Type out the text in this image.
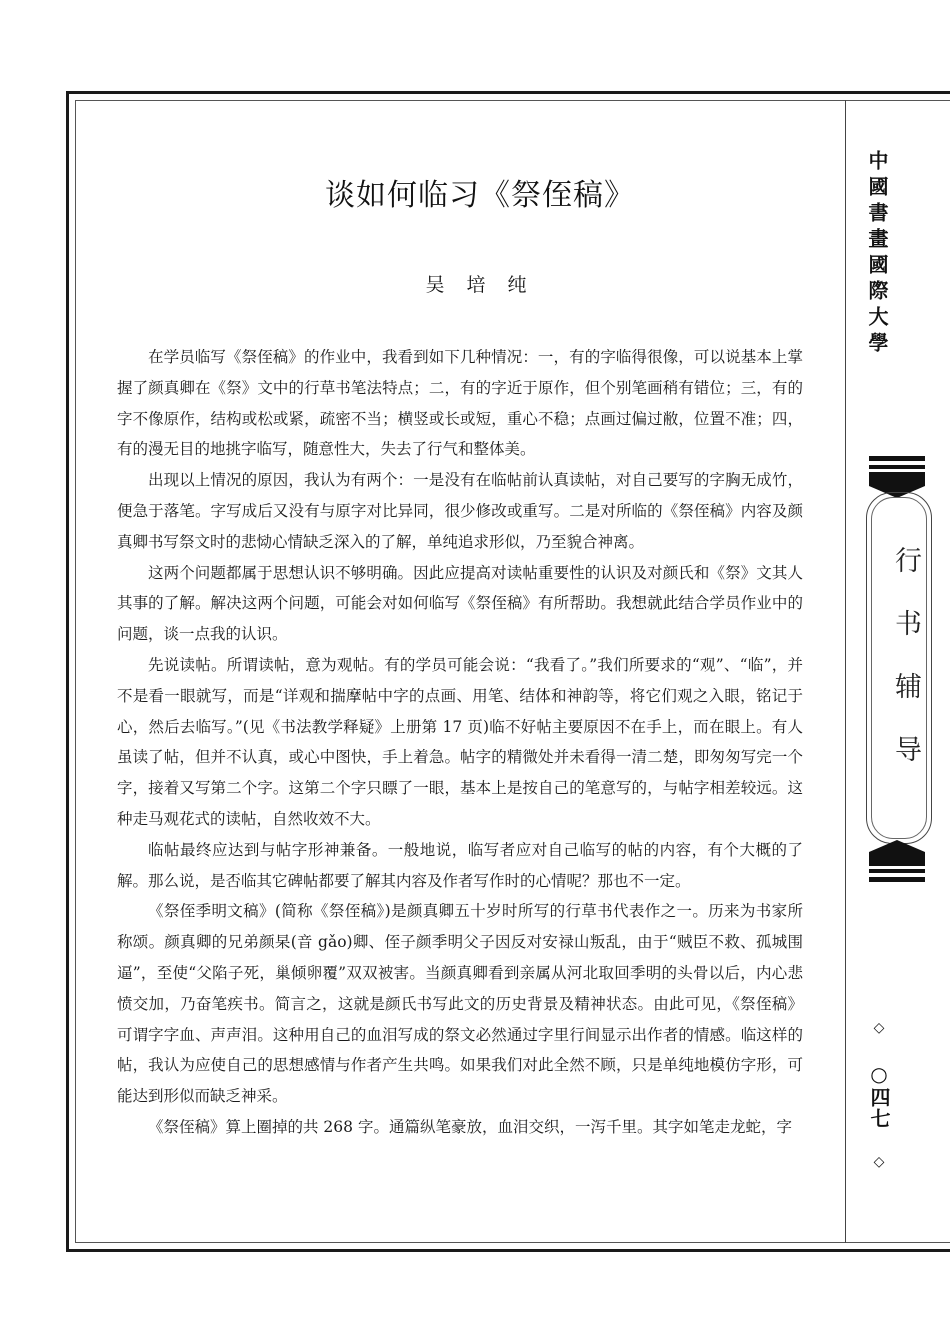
谈如何临习《祭侄稿》
吴 培 纯

在学员临写《祭侄稿》的作业中，我看到如下几种情况：一，有的字临得很像，可以说基本上掌握了颜真卿在《祭》文中的行草书笔法特点；二，有的字近于原作，但个别笔画稍有错位；三，有的字不像原作，结构或松或紧，疏密不当；横竖或长或短，重心不稳；点画过偏过敝，位置不准；四，有的漫无目的地挑字临写，随意性大，失去了行气和整体美。

出现以上情况的原因，我认为有两个：一是没有在临帖前认真读帖，对自己要写的字胸无成竹，便急于落笔。字写成后又没有与原字对比异同，很少修改或重写。二是对所临的《祭侄稿》内容及颜真卿书写祭文时的悲恸心情缺乏深入的了解，单纯追求形似，乃至貌合神离。

这两个问题都属于思想认识不够明确。因此应提高对读帖重要性的认识及对颜氏和《祭》文其人其事的了解。解决这两个问题，可能会对如何临写《祭侄稿》有所帮助。我想就此结合学员作业中的问题，谈一点我的认识。

先说读帖。所谓读帖，意为观帖。有的学员可能会说：“我看了。”我们所要求的“观”、“临”，并不是看一眼就写，而是“详观和揣摩帖中字的点画、用笔、结体和神韵等，将它们观之入眼，铭记于心，然后去临写。”(见《书法教学释疑》上册第 17 页)临不好帖主要原因不在手上，而在眼上。有人虽读了帖，但并不认真，或心中图快，手上着急。帖字的精微处并未看得一清二楚，即匆匆写完一个字，接着又写第二个字。这第二个字只瞟了一眼，基本上是按自己的笔意写的，与帖字相差较远。这种走马观花式的读帖，自然收效不大。

临帖最终应达到与帖字形神兼备。一般地说，临写者应对自己临写的帖的内容，有个大概的了解。那么说，是否临其它碑帖都要了解其内容及作者写作时的心情呢？那也不一定。

《祭侄季明文稿》(简称《祭侄稿》)是颜真卿五十岁时所写的行草书代表作之一。历来为书家所称颂。颜真卿的兄弟颜杲(音 gǎo)卿、侄子颜季明父子因反对安禄山叛乱，由于“贼臣不救、孤城围逼”，至使“父陷子死，巢倾卵覆”双双被害。当颜真卿看到亲属从河北取回季明的头骨以后，内心悲愤交加，乃奋笔疾书。简言之，这就是颜氏书写此文的历史背景及精神状态。由此可见，《祭侄稿》可谓字字血、声声泪。这种用自己的血泪写成的祭文必然通过字里行间显示出作者的情感。临这样的帖，我认为应使自己的思想感情与作者产生共鸣。如果我们对此全然不顾，只是单纯地模仿字形，可能达到形似而缺乏神采。

《祭侄稿》算上圈掉的共 268 字。通篇纵笔豪放，血泪交织，一泻千里。其字如笔走龙蛇，字

中國書畫國際大學
行书辅导
◇ ○四七 ◇
